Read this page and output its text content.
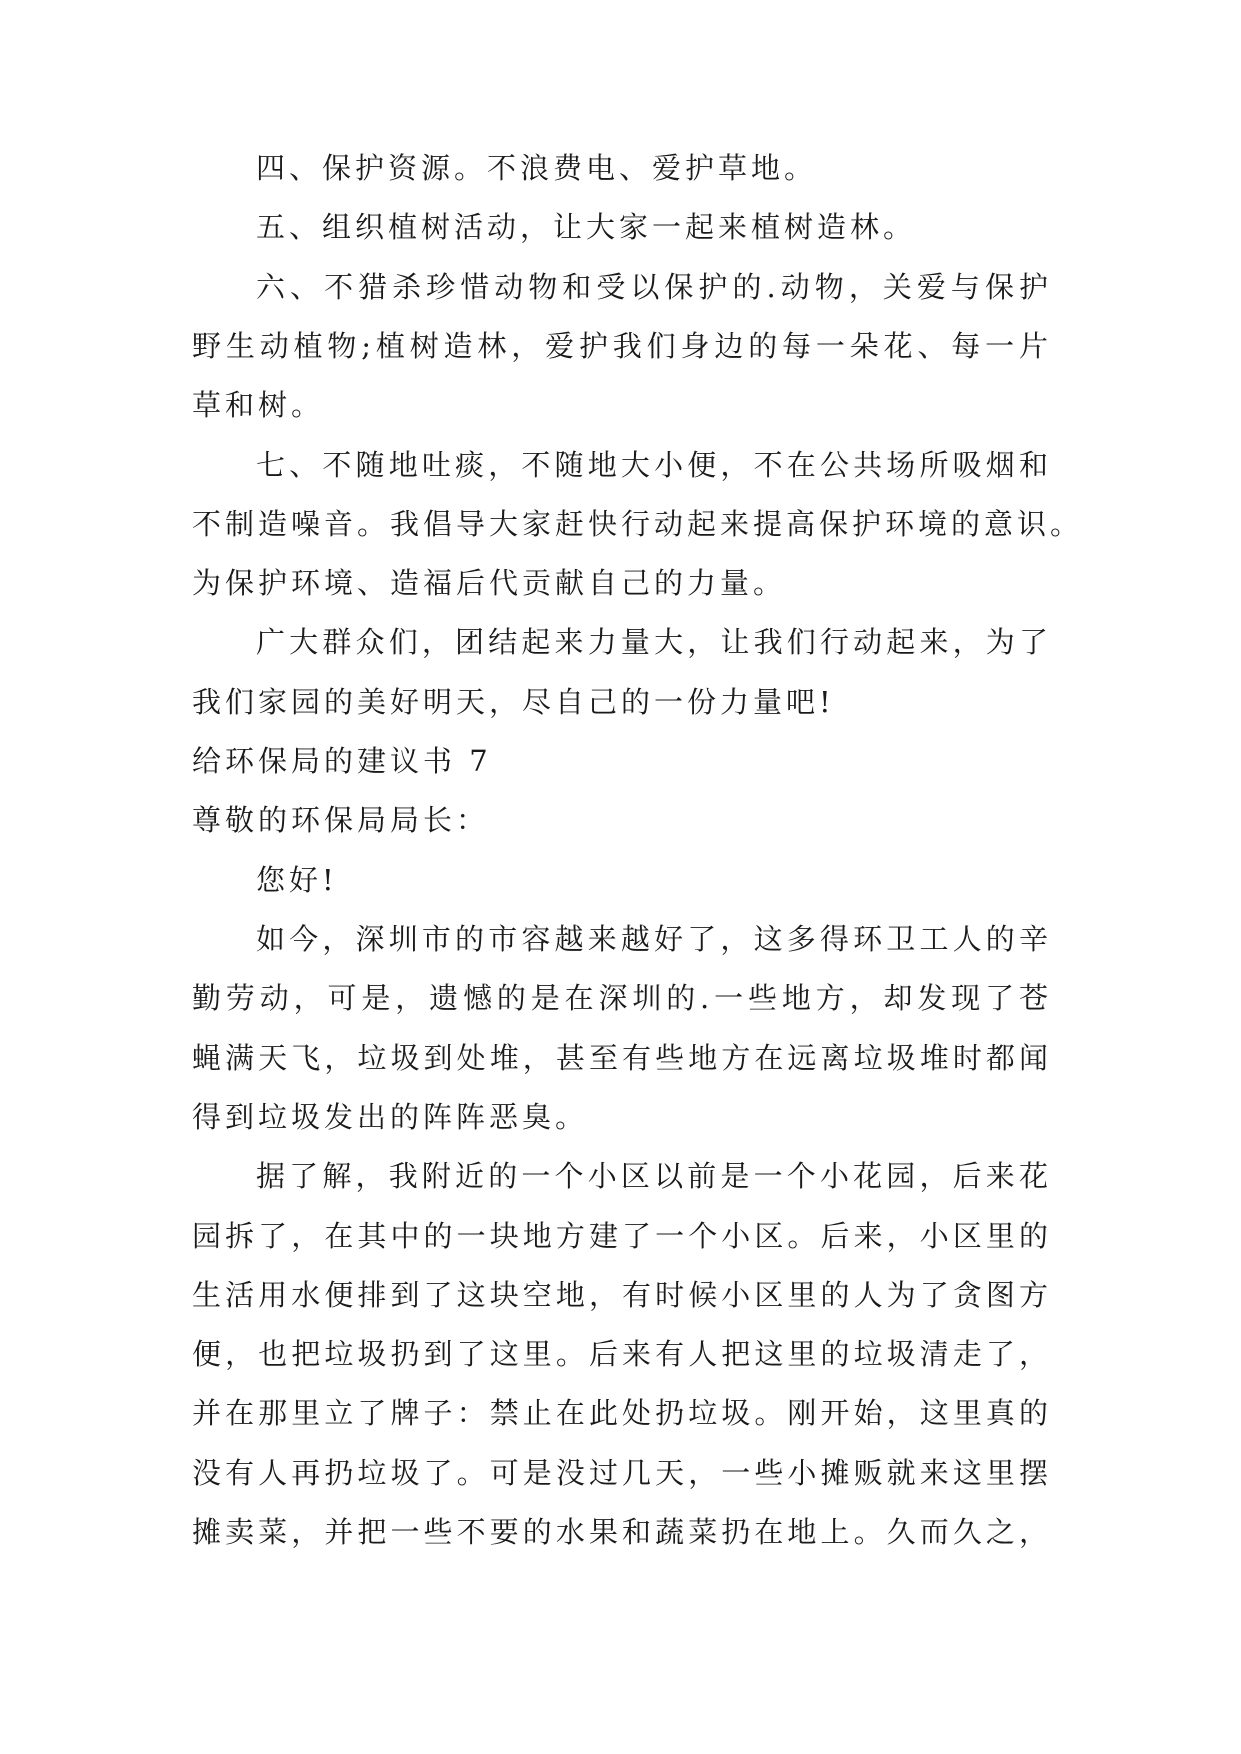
四、保护资源。不浪费电、爱护草地。
五、组织植树活动，让大家一起来植树造林。
六、不猎杀珍惜动物和受以保护的.动物，关爱与保护
野生动植物;植树造林，爱护我们身边的每一朵花、每一片
草和树。
七、不随地吐痰，不随地大小便，不在公共场所吸烟和
不制造噪音。我倡导大家赶快行动起来提高保护环境的意识。
为保护环境、造福后代贡献自己的力量。
广大群众们，团结起来力量大，让我们行动起来，为了
我们家园的美好明天，尽自己的一份力量吧!
给环保局的建议书 7
尊敬的环保局局长：
您好!
如今，深圳市的市容越来越好了，这多得环卫工人的辛
勤劳动，可是，遗憾的是在深圳的.一些地方，却发现了苍
蝇满天飞，垃圾到处堆，甚至有些地方在远离垃圾堆时都闻
得到垃圾发出的阵阵恶臭。
据了解，我附近的一个小区以前是一个小花园，后来花
园拆了，在其中的一块地方建了一个小区。后来，小区里的
生活用水便排到了这块空地，有时候小区里的人为了贪图方
便，也把垃圾扔到了这里。后来有人把这里的垃圾清走了，
并在那里立了牌子：禁止在此处扔垃圾。刚开始，这里真的
没有人再扔垃圾了。可是没过几天，一些小摊贩就来这里摆
摊卖菜，并把一些不要的水果和蔬菜扔在地上。久而久之，
